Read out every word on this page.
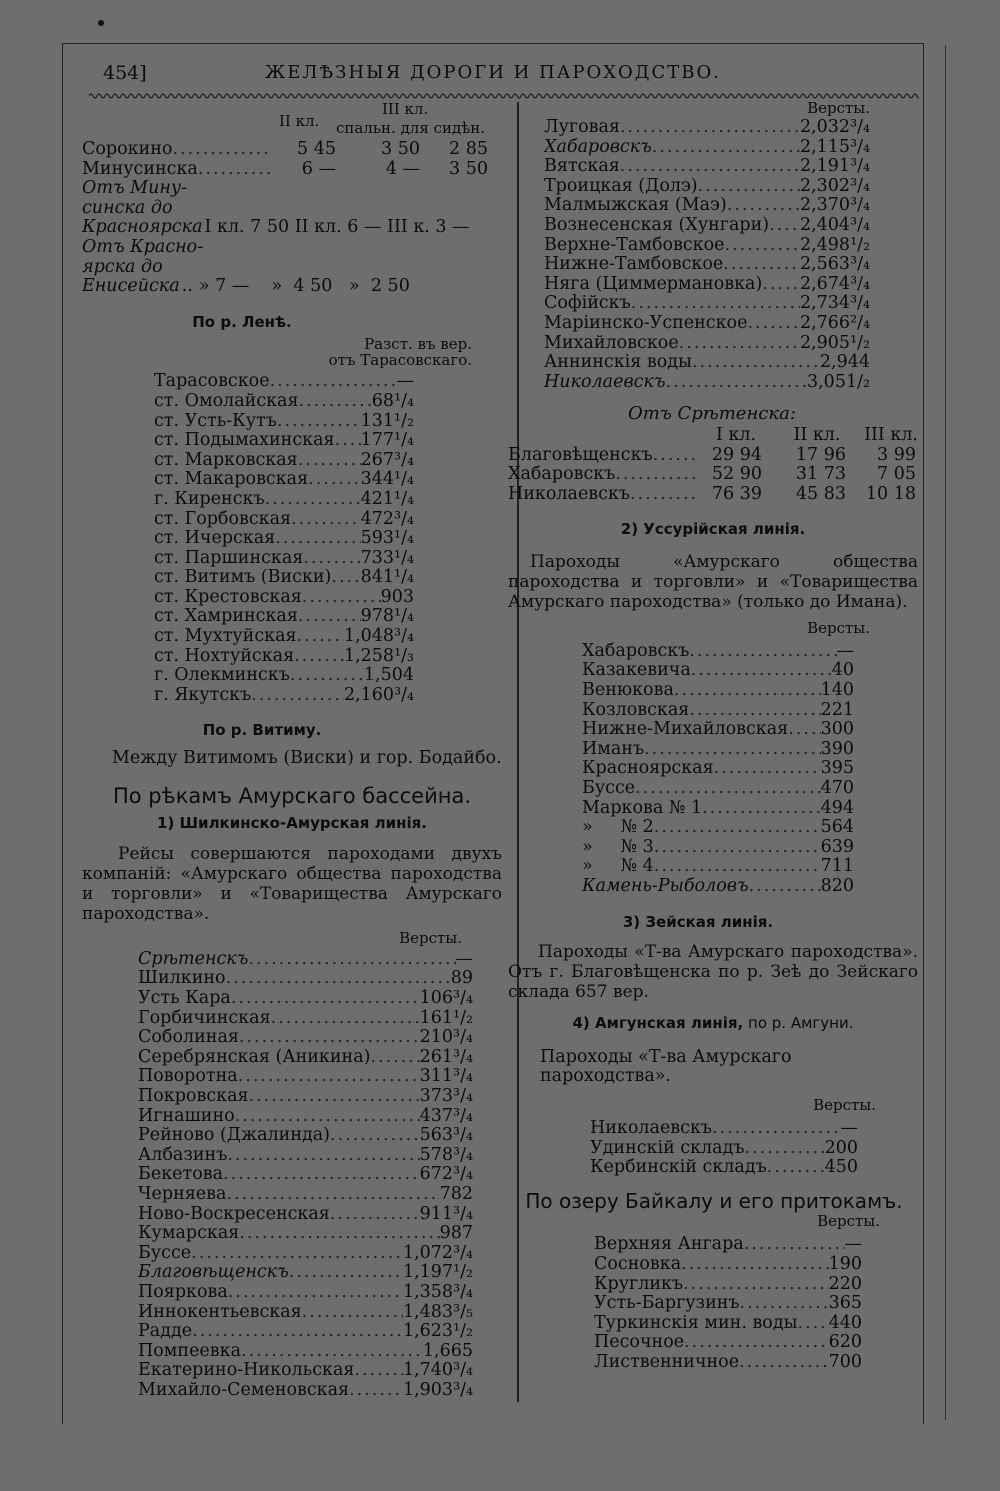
454]	ЖЕЛѢЗНЫЯ ДОРОГИ И ПАРОХОДСТВО.
II кл.
III кл.
спальн. для сидѣн.
Сорокино .....	5 45	3 50	2 85
Минусинска .....	6 —	4 —	3 50
Отъ Мину-
синска до
Красноярска I кл. 7 50 II кл. 6 — III к. 3 —
Отъ Красно-
ярска до
Енисейска .. » 7 —    »  4 50   »  2 50
По р. Ленѣ.
Разст. въ вер.
отъ Тарасовскаго.
Тарасовское .....	—
ст. Омолайская .....	68¹/₄
ст. Усть-Кутъ .....	131¹/₂
ст. Подымахинская ..... 177¹/₄
ст. Марковская .....	267³/₄
ст. Макаровская .....	344¹/₄
г. Киренскъ .....	421¹/₄
ст. Горбовская .....	472³/₄
ст. Ичерская .....	593¹/₄
ст. Паршинская .....	733¹/₄
ст. Витимъ (Виски) ..... 841¹/₄
ст. Крестовская .....	903
ст. Хамринская .....	978¹/₄
ст. Мухтуйская .....	1,048³/₄
ст. Нохтуйская .....	1,258¹/₃
г. Олекминскъ .....	1,504
г. Якутскъ .....	2,160³/₄
По р. Витиму.
Между Витимомъ (Виски) и гор. Бодайбо.
По рѣкамъ Амурскаго бассейна.
1) Шилкинско-Амурская линія.
Рейсы совершаются пароходами двухъ компаній: «Амурскаго общества пароходства и торговли» и «Товарищества Амурскаго пароходства».
Версты.
Срѣтенскъ .....	—
Шилкино .....	89
Усть Кара .....	106³/₄
Горбичинская .....	161¹/₂
Соболиная .....	210³/₄
Серебрянская (Аникина) .....	261³/₄
Поворотна .....	311³/₄
Покровская .....	373³/₄
Игнашино .....	437³/₄
Рейново (Джалинда) .....	563³/₄
Албазинъ .....	578³/₄
Бекетова .....	672³/₄
Черняева .....	782
Ново-Воскресенская .....	911³/₄
Кумарская .....	987
Буссе .....	1,072³/₄
Благовѣщенскъ .....	1,197¹/₂
Пояркова .....	1,358³/₄
Иннокентьевская .....	1,483³/₅
Радде .....	1,623¹/₂
Помпеевка .....	1,665
Екатерино-Никольская .....	1,740³/₄
Михайло-Семеновская .....	1,903³/₄
Версты.
Луговая .....	2,032³/₄
Хабаровскъ .....	2,115³/₄
Вятская .....	2,191³/₄
Троицкая (Долэ) .....	2,302³/₄
Малмыжская (Маэ) .....	2,370³/₄
Вознесенская (Хунгари) ..... 2,404³/₄
Верхне-Тамбовское .....	2,498¹/₂
Нижне-Тамбовское .....	2,563³/₄
Няга (Циммермановка) ..... 2,674³/₄
Софійскъ .....	2,734³/₄
Маріинско-Успенское .....	2,766²/₄
Михайловское .....	2,905¹/₂
Аннинскія воды .....	2,944
Николаевскъ .....	3,051/₂
Отъ Срѣтенска:
I кл.	II кл.	III кл.
Благовѣщенскъ .....	29 94	17 96	3 99
Хабаровскъ .....	52 90	31 73	7 05
Николаевскъ .....	76 39	45 83	10 18
2) Уссурійская линія.
Пароходы «Амурскаго общества пароходства и торговли» и «Товарищества Амурскаго пароходства» (только до Имана).
Версты.
Хабаровскъ .....	—
Казакевича .....	40
Венюкова .....	140
Козловская .....	221
Нижне-Михайловская ..... 300
Иманъ .....	390
Красноярская .....	395
Буссе .....	470
Маркова № 1 .....	494
»     № 2 .....	564
»     № 3 .....	639
»     № 4 .....	711
Камень-Рыболовъ .....	820
3) Зейская линія.
Пароходы «Т-ва Амурскаго пароходства». Отъ г. Благовѣщенска по р. Зеѣ до Зейскаго склада 657 вер.
4) Амгунская линія, по р. Амгуни.
Пароходы «Т-ва Амурскаго пароходства».
Версты.
Николаевскъ .....	—
Удинскій складъ .....	200
Кербинскій складъ .....	450
По озеру Байкалу и его притокамъ.
Версты.
Верхняя Ангара .....	—
Сосновка .....	190
Кругликъ .....	220
Усть-Баргузинъ .....	365
Туркинскія мин. воды ..... 440
Песочное .....	620
Лиственничное .....	700
